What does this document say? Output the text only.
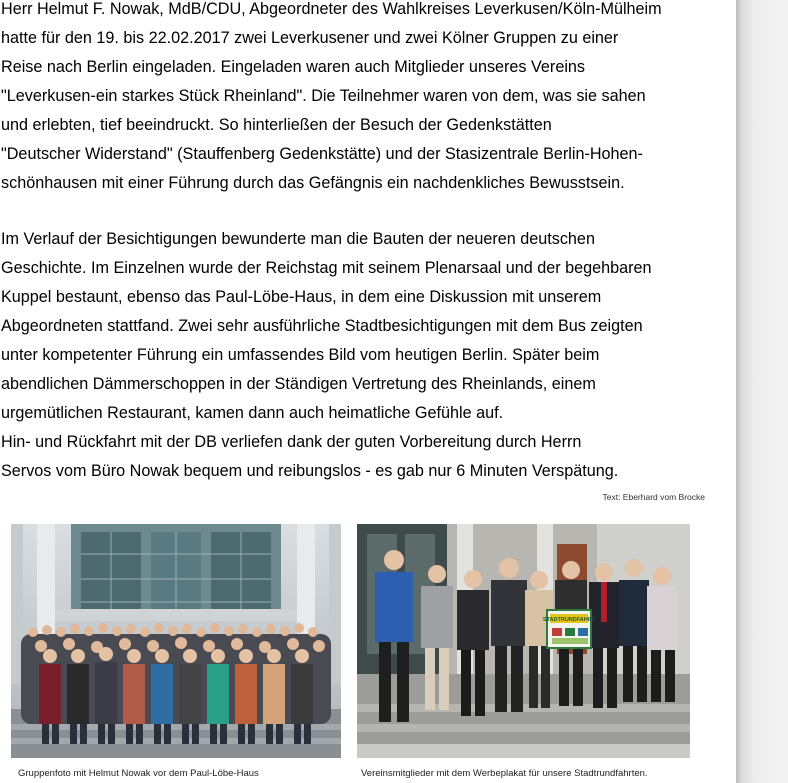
Herr Helmut F. Nowak, MdB/CDU, Abgeordneter des Wahlkreises Leverkusen/Köln-Mülheim
hatte für den 19. bis 22.02.2017 zwei Leverkusener und zwei Kölner Gruppen zu einer
Reise nach Berlin eingeladen. Eingeladen waren auch Mitglieder unseres Vereins
"Leverkusen-ein starkes Stück Rheinland". Die Teilnehmer waren von dem, was sie sahen
und erlebten, tief beeindruckt. So hinterließen der Besuch der Gedenkstätten
"Deutscher Widerstand" (Stauffenberg Gedenkstätte) und der Stasizentrale Berlin-Hohen-
schönhausen mit einer Führung durch das Gefängnis ein nachdenkliches Bewusstsein.

Im Verlauf der Besichtigungen bewunderte man die Bauten der neueren deutschen
Geschichte. Im Einzelnen wurde der Reichstag mit seinem Plenarsaal und der begehbaren
Kuppel bestaunt, ebenso das Paul-Löbe-Haus, in dem eine Diskussion mit unserem
Abgeordneten stattfand. Zwei sehr ausführliche Stadtbesichtigungen mit dem Bus zeigten
unter kompetenter Führung ein umfassendes Bild vom heutigen Berlin. Später beim
abendlichen Dämmerschoppen in der Ständigen Vertretung des Rheinlands, einem
urgemütlichen Restaurant, kamen dann auch heimatliche Gefühle auf.
Hin- und Rückfahrt mit der DB verliefen dank der guten Vorbereitung durch Herrn
Servos vom Büro Nowak bequem und reibungslos - es gab nur 6 Minuten Verspätung.

Text: Eberhard vom Brocke
STADTRUNDFAHRT
Gruppenfoto mit Helmut Nowak vor dem Paul-Löbe-Haus	Vereinsmitglieder mit dem Werbeplakat für unsere Stadtrundfahrten.
